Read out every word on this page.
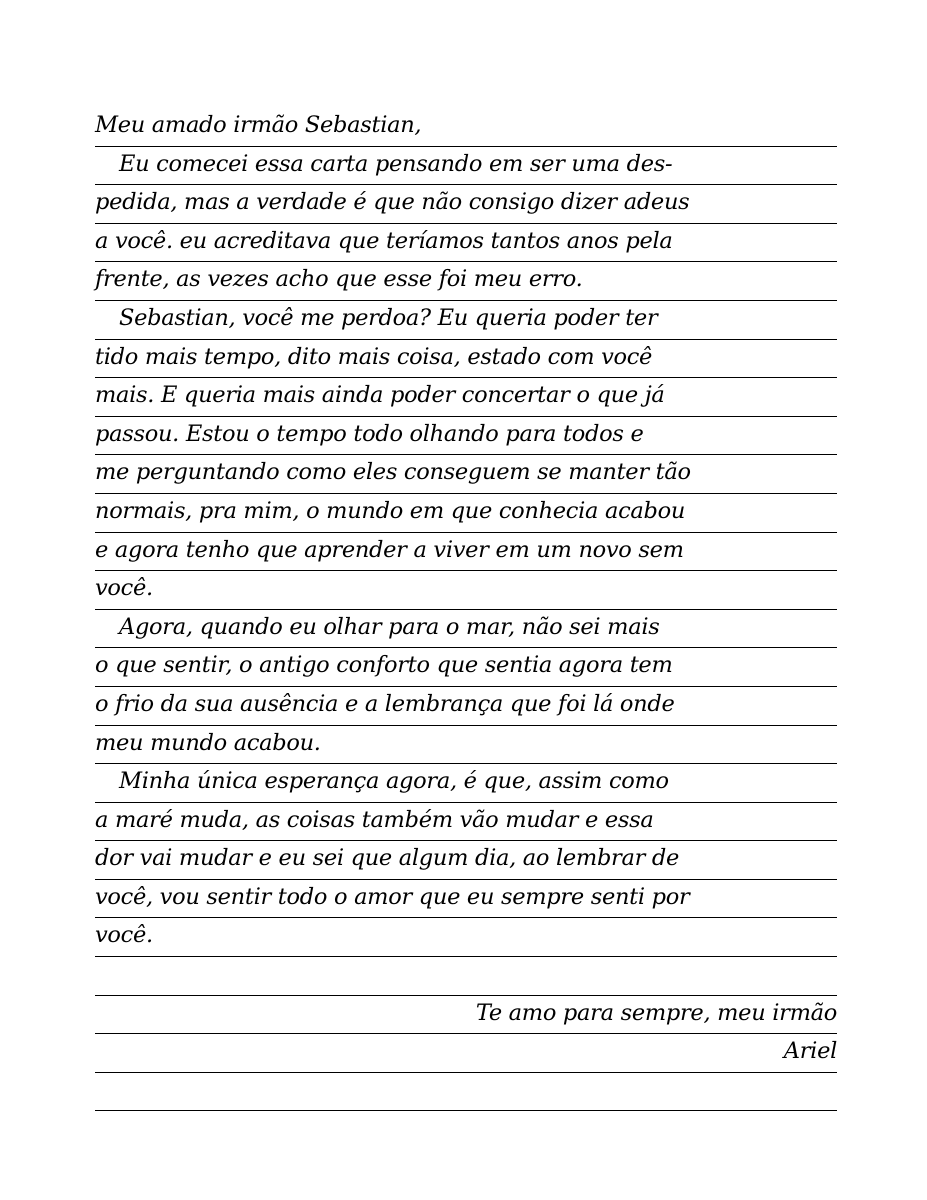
Meu amado irmão Sebastian,
Eu comecei essa carta pensando em ser uma des-
pedida, mas a verdade é que não consigo dizer adeus
a você. eu acreditava que teríamos tantos anos pela
frente, as vezes acho que esse foi meu erro.
Sebastian, você me perdoa? Eu queria poder ter
tido mais tempo, dito mais coisa, estado com você
mais. E queria mais ainda poder concertar o que já
passou. Estou o tempo todo olhando para todos e
me perguntando como eles conseguem se manter tão
normais, pra mim, o mundo em que conhecia acabou
e agora tenho que aprender a viver em um novo sem
você.
Agora, quando eu olhar para o mar, não sei mais
o que sentir, o antigo conforto que sentia agora tem
o frio da sua ausência e a lembrança que foi lá onde
meu mundo acabou.
Minha única esperança agora, é que, assim como
a maré muda, as coisas também vão mudar e essa
dor vai mudar e eu sei que algum dia, ao lembrar de
você, vou sentir todo o amor que eu sempre senti por
você.
Te amo para sempre, meu irmão
Ariel
